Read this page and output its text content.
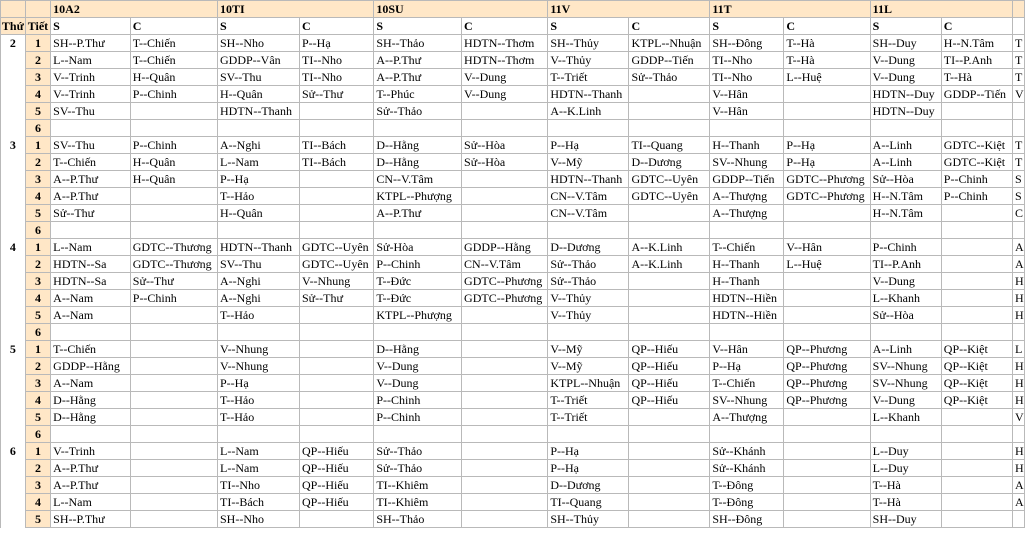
		10A2		10TI		10SU		11V		11T		11L		
Thứ	Tiết	S	C	S	C	S	C	S	C	S	C	S	C	
2	1	SH--P.Thư	T--Chiến	SH--Nho	P--Hạ	SH--Thảo	HDTN--Thơm	SH--Thủy	KTPL--Nhuận	SH--Đông	T--Hà	SH--Duy	H--N.Tâm	T
	2	L--Nam	T--Chiến	GDDP--Vân	TI--Nho	A--P.Thư	HDTN--Thơm	V--Thủy	GDDP--Tiến	TI--Nho	T--Hà	V--Dung	TI--P.Anh	T
	3	V--Trinh	H--Quân	SV--Thu	TI--Nho	A--P.Thư	V--Dung	T--Triết	Sử--Thảo	TI--Nho	L--Huệ	V--Dung	T--Hà	T
	4	V--Trinh	P--Chinh	H--Quân	Sử--Thư	T--Phúc	V--Dung	HDTN--Thanh		V--Hân		HDTN--Duy	GDDP--Tiến	V
	5	SV--Thu		HDTN--Thanh		Sử--Thảo		A--K.Linh		V--Hân		HDTN--Duy		
	6													
3	1	SV--Thu	P--Chinh	A--Nghi	TI--Bách	D--Hằng	Sử--Hòa	P--Hạ	TI--Quang	H--Thanh	P--Hạ	A--Linh	GDTC--Kiệt	T
	2	T--Chiến	H--Quân	L--Nam	TI--Bách	D--Hằng	Sử--Hòa	V--Mỹ	D--Dương	SV--Nhung	P--Hạ	A--Linh	GDTC--Kiệt	T
	3	A--P.Thư	H--Quân	P--Hạ		CN--V.Tâm		HDTN--Thanh	GDTC--Uyên	GDDP--Tiến	GDTC--Phương	Sử--Hòa	P--Chinh	S
	4	A--P.Thư		T--Hảo		KTPL--Phượng		CN--V.Tâm	GDTC--Uyên	A--Thượng	GDTC--Phương	H--N.Tâm	P--Chinh	S
	5	Sử--Thư		H--Quân		A--P.Thư		CN--V.Tâm		A--Thượng		H--N.Tâm		C
	6													
4	1	L--Nam	GDTC--Thương	HDTN--Thanh	GDTC--Uyên	Sử-Hòa	GDDP--Hằng	D--Dương	A--K.Linh	T--Chiến	V--Hân	P--Chinh		A
	2	HDTN--Sa	GDTC--Thương	SV--Thu	GDTC--Uyên	P--Chinh	CN--V.Tâm	Sử--Thảo	A--K.Linh	H--Thanh	L--Huệ	TI--P.Anh		A
	3	HDTN--Sa	Sử--Thư	A--Nghi	V--Nhung	T--Đức	GDTC--Phương	Sử--Thảo		H--Thanh		V--Dung		H
	4	A--Nam	P--Chinh	A--Nghi	Sử--Thư	T--Đức	GDTC--Phương	V--Thủy		HDTN--Hiền		L--Khanh		H
	5	A--Nam		T--Hảo		KTPL--Phượng		V--Thủy		HDTN--Hiền		Sử--Hòa		H
	6													
5	1	T--Chiến		V--Nhung		D--Hằng		V--Mỹ	QP--Hiếu	V--Hân	QP--Phương	A--Linh	QP--Kiệt	L
	2	GDDP--Hằng		V--Nhung		V--Dung		V--Mỹ	QP--Hiếu	P--Hạ	QP--Phương	SV--Nhung	QP--Kiệt	H
	3	A--Nam		P--Hạ		V--Dung		KTPL--Nhuận	QP--Hiếu	T--Chiến	QP--Phương	SV--Nhung	QP--Kiệt	H
	4	D--Hằng		T--Hảo		P--Chinh		T--Triết	QP--Hiếu	SV--Nhung	QP--Phương	V--Dung	QP--Kiệt	H
	5	D--Hằng		T--Hảo		P--Chinh		T--Triết		A--Thượng		L--Khanh		V
	6													
6	1	V--Trinh		L--Nam	QP--Hiếu	Sử--Thảo		P--Hạ		Sử--Khánh		L--Duy		H
	2	A--P.Thư		L--Nam	QP--Hiếu	Sử--Thảo		P--Hạ		Sử--Khánh		L--Duy		H
	3	A--P.Thư		TI--Nho	QP--Hiếu	TI--Khiêm		D--Dương		T--Đông		T--Hà		A
	4	L--Nam		TI--Bách	QP--Hiếu	TI--Khiêm		TI--Quang		T--Đông		T--Hà		A
	5	SH--P.Thư		SH--Nho		SH--Thảo		SH--Thủy		SH--Đông		SH--Duy		
